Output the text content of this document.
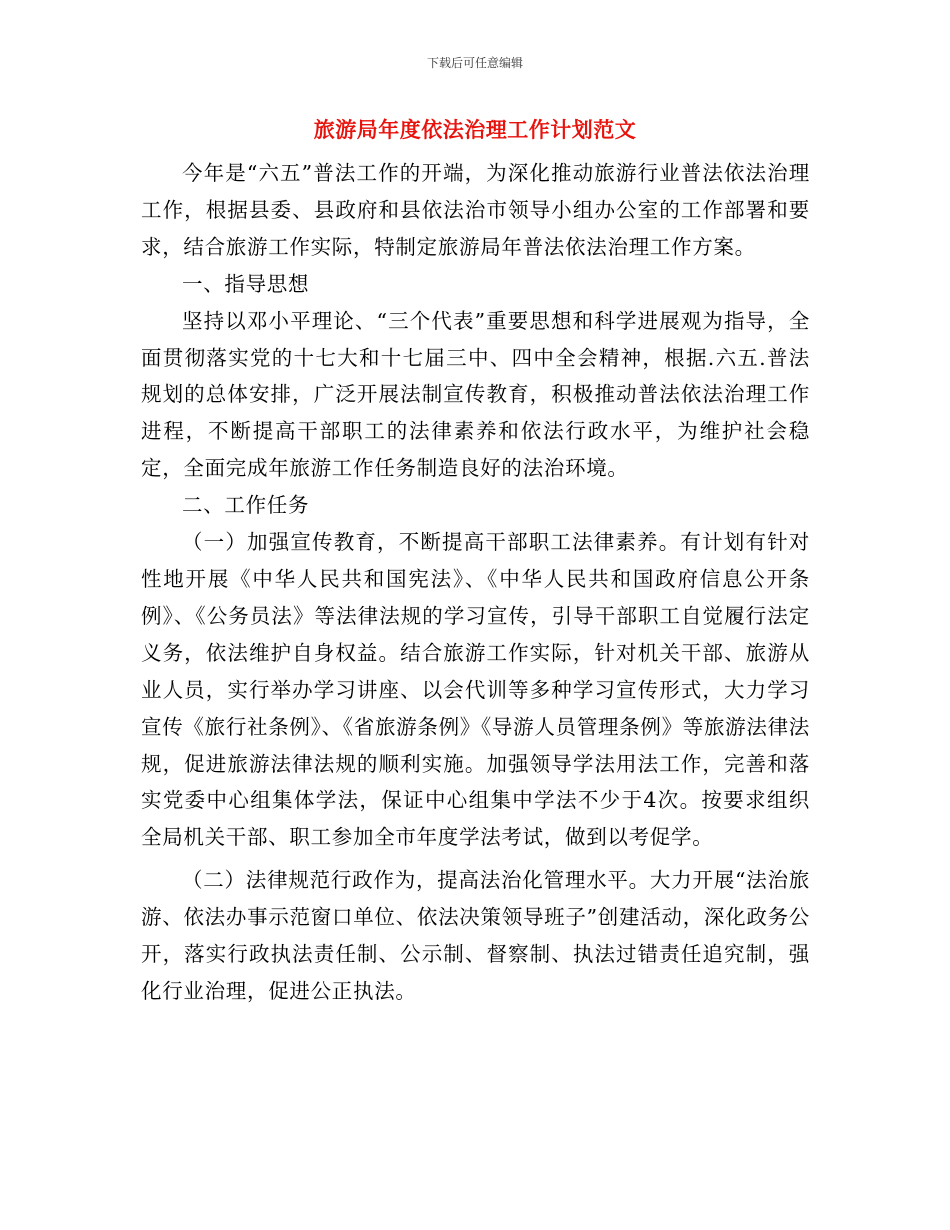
下载后可任意编辑
旅游局年度依法治理工作计划范文

今年是“六五”普法工作的开端，为深化推动旅游行业普法依法治理工作，根据县委、县政府和县依法治市领导小组办公室的工作部署和要求，结合旅游工作实际，特制定旅游局年普法依法治理工作方案。

一、指导思想

坚持以邓小平理论、“三个代表”重要思想和科学进展观为指导，全面贯彻落实党的十七大和十七届三中、四中全会精神，根据.六五.普法规划的总体安排，广泛开展法制宣传教育，积极推动普法依法治理工作进程，不断提高干部职工的法律素养和依法行政水平，为维护社会稳定，全面完成年旅游工作任务制造良好的法治环境。

二、工作任务

（一）加强宣传教育，不断提高干部职工法律素养。有计划有针对性地开展《中华人民共和国宪法》、《中华人民共和国政府信息公开条例》、《公务员法》等法律法规的学习宣传，引导干部职工自觉履行法定义务，依法维护自身权益。结合旅游工作实际，针对机关干部、旅游从业人员，实行举办学习讲座、以会代训等多种学习宣传形式，大力学习宣传《旅行社条例》、《省旅游条例》《导游人员管理条例》等旅游法律法规，促进旅游法律法规的顺利实施。加强领导学法用法工作，完善和落实党委中心组集体学法，保证中心组集中学法不少于4次。按要求组织全局机关干部、职工参加全市年度学法考试，做到以考促学。

（二）法律规范行政作为，提高法治化管理水平。大力开展“法治旅游、依法办事示范窗口单位、依法决策领导班子”创建活动，深化政务公开，落实行政执法责任制、公示制、督察制、执法过错责任追究制，强化行业治理，促进公正执法。
